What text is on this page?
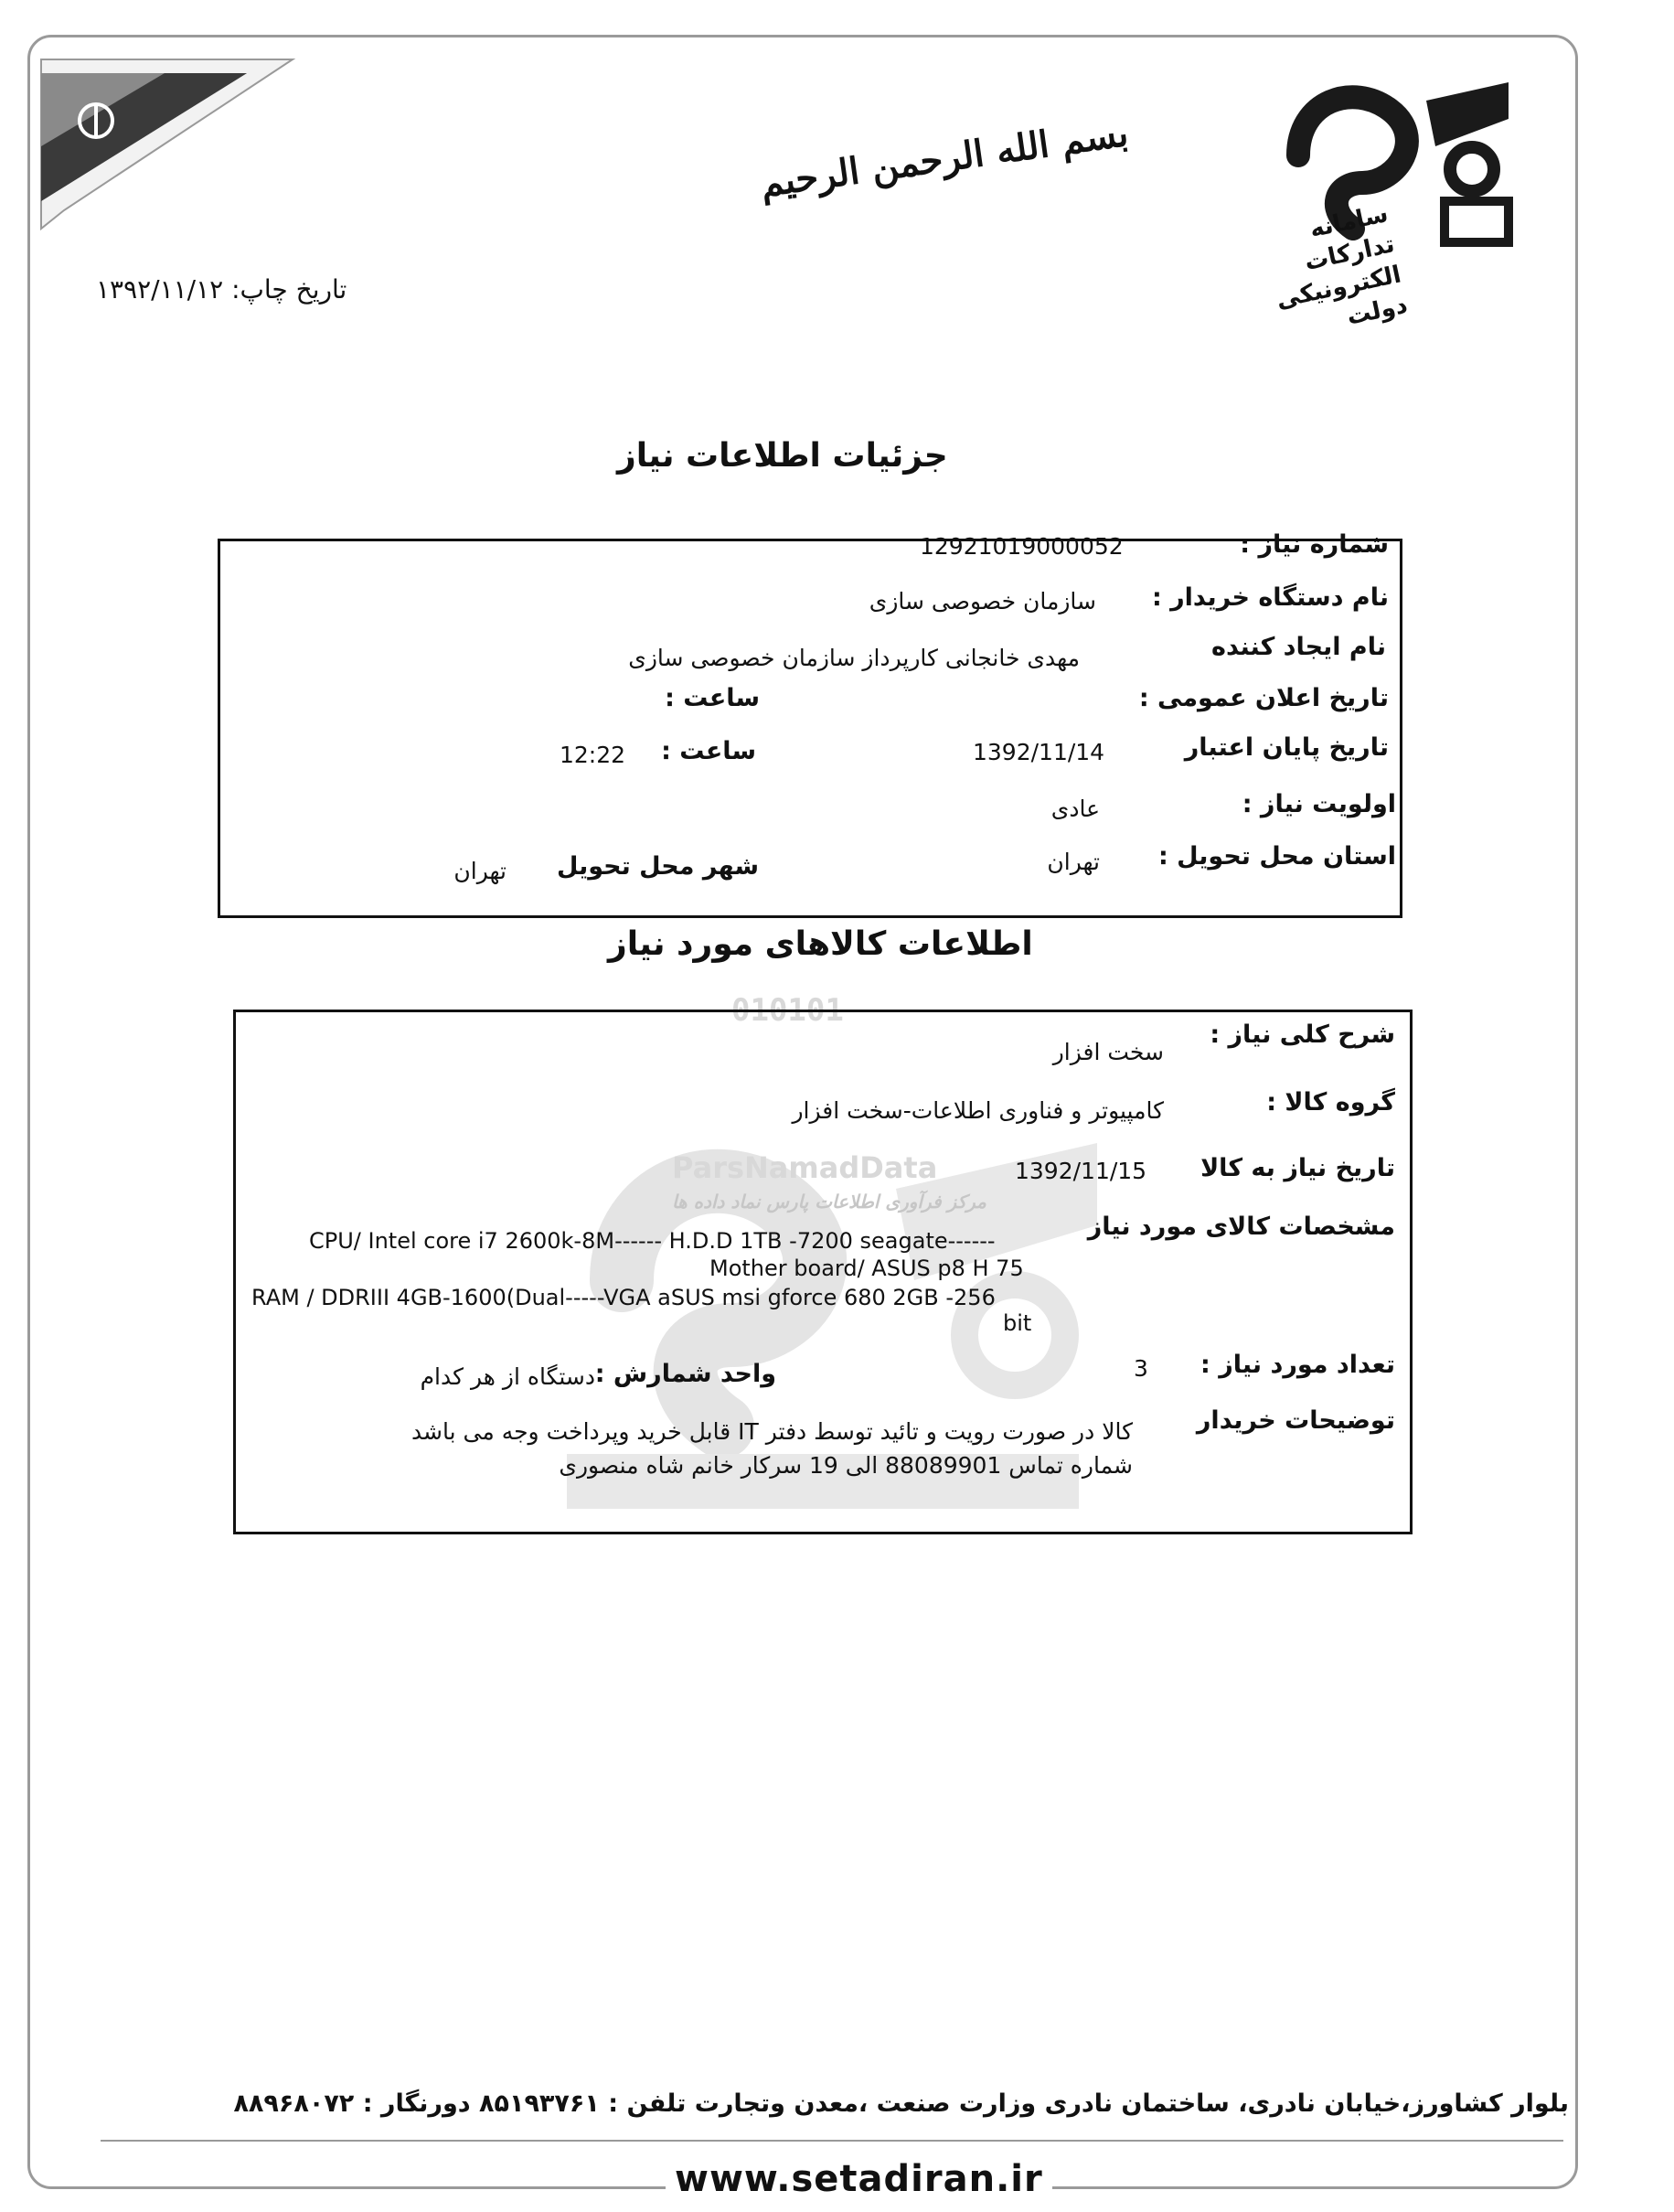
بسم الله الرحمن الرحیم
سامانه تدارکات الکترونیکی دولت
تاریخ چاپ: ۱۳۹۲/۱۱/۱۲
جزئیات اطلاعات نیاز
شماره نیاز :
12921019000052
نام دستگاه خریدار :
سازمان خصوصی سازی
نام ایجاد کننده
مهدی خانجانی کارپرداز سازمان خصوصی سازی
تاریخ اعلان عمومی :
ساعت :
تاریخ پایان اعتبار
1392/11/14
ساعت :
12:22
اولویت نیاز :
عادی
استان محل تحویل :
تهران
شهر محل تحویل
تهران
اطلاعات کالاهای مورد نیاز
010101
ParsNamadData
مرکز فرآوری اطلاعات پارس نماد داده ها
شرح کلی نیاز :
سخت افزار
گروه کالا :
کامپیوتر و فناوری اطلاعات-سخت افزار
تاریخ نیاز به کالا
1392/11/15
مشخصات کالای مورد نیاز
CPU/ Intel core i7 2600k-8M------ H.D.D 1TB -7200 seagate------
Mother board/ ASUS p8 H 75
RAM / DDRIII 4GB-1600(Dual-----VGA aSUS msi gforce 680 2GB -256
bit
تعداد مورد نیاز :
3
واحد شمارش :
دستگاه از هر کدام
توضیحات خریدار
کالا در صورت رویت و تائید توسط دفتر IT قابل خرید وپرداخت وجه می باشد
شماره تماس 88089901 الی 19 سرکار خانم شاه منصوری
بلوار کشاورز،خیابان نادری، ساختمان نادری وزارت صنعت ،معدن وتجارت تلفن : ۸۵۱۹۳۷۶۱ دورنگار : ۸۸۹۶۸۰۷۲
www.setadiran.ir
